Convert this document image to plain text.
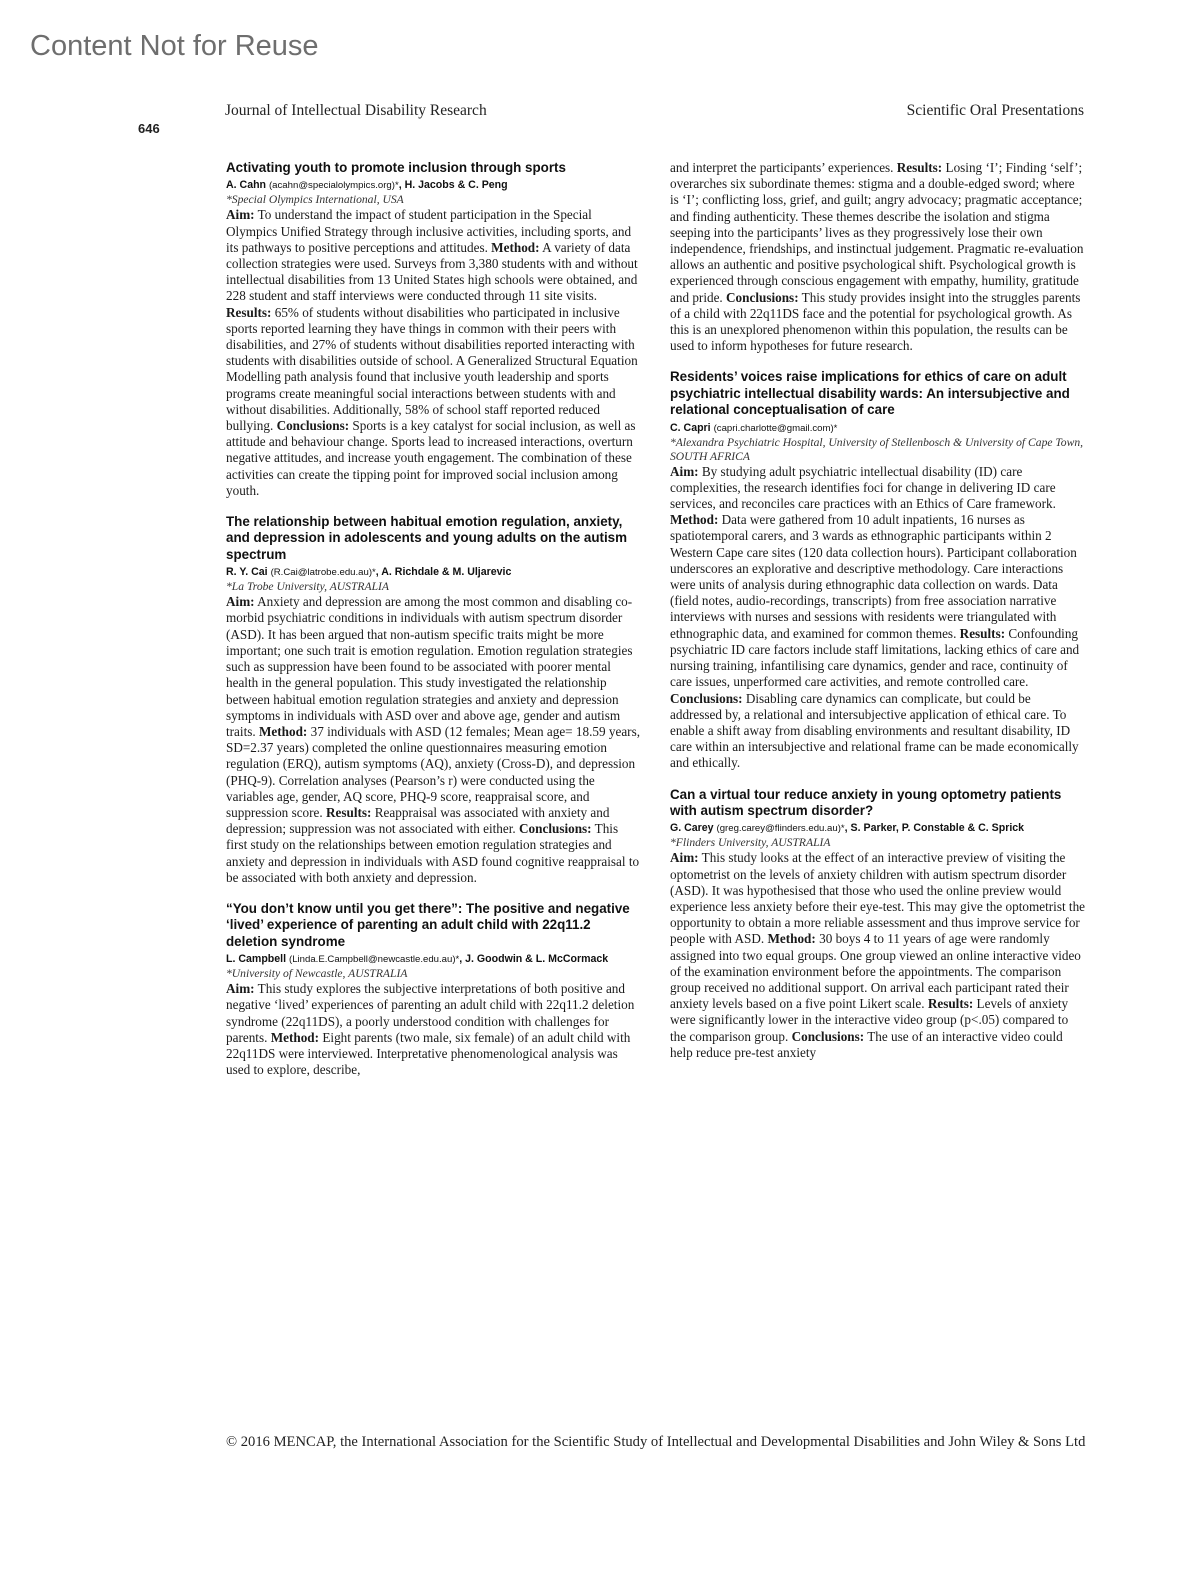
Content Not for Reuse
Journal of Intellectual Disability Research	Scientific Oral Presentations
646
Activating youth to promote inclusion through sports
A. Cahn (acahn@specialolympics.org)*, H. Jacobs & C. Peng
*Special Olympics International, USA

Aim: To understand the impact of student participation in the Special Olympics Unified Strategy through inclusive activities, including sports, and its pathways to positive perceptions and attitudes. Method: A variety of data collection strategies were used. Surveys from 3,380 students with and without intellectual disabilities from 13 United States high schools were obtained, and 228 student and staff interviews were conducted through 11 site visits. Results: 65% of students without disabilities who participated in inclusive sports reported learning they have things in common with their peers with disabilities, and 27% of students without disabilities reported interacting with students with disabilities outside of school. A Generalized Structural Equation Modelling path analysis found that inclusive youth leadership and sports programs create meaningful social interactions between students with and without disabilities. Additionally, 58% of school staff reported reduced bullying. Conclusions: Sports is a key catalyst for social inclusion, as well as attitude and behaviour change. Sports lead to increased interactions, overturn negative attitudes, and increase youth engagement. The combination of these activities can create the tipping point for improved social inclusion among youth.

The relationship between habitual emotion regulation, anxiety, and depression in adolescents and young adults on the autism spectrum
R. Y. Cai (R.Cai@latrobe.edu.au)*, A. Richdale & M. Uljarevic
*La Trobe University, AUSTRALIA

Aim: Anxiety and depression are among the most common and disabling co-morbid psychiatric conditions in individuals with autism spectrum disorder (ASD). It has been argued that non-autism specific traits might be more important; one such trait is emotion regulation. Emotion regulation strategies such as suppression have been found to be associated with poorer mental health in the general population. This study investigated the relationship between habitual emotion regulation strategies and anxiety and depression symptoms in individuals with ASD over and above age, gender and autism traits. Method: 37 individuals with ASD (12 females; Mean age= 18.59 years, SD=2.37 years) completed the online questionnaires measuring emotion regulation (ERQ), autism symptoms (AQ), anxiety (Cross-D), and depression (PHQ-9). Correlation analyses (Pearson’s r) were conducted using the variables age, gender, AQ score, PHQ-9 score, reappraisal score, and suppression score. Results: Reappraisal was associated with anxiety and depression; suppression was not associated with either. Conclusions: This first study on the relationships between emotion regulation strategies and anxiety and depression in individuals with ASD found cognitive reappraisal to be associated with both anxiety and depression.

“You don’t know until you get there”: The positive and negative ‘lived’ experience of parenting an adult child with 22q11.2 deletion syndrome
L. Campbell (Linda.E.Campbell@newcastle.edu.au)*, J. Goodwin & L. McCormack
*University of Newcastle, AUSTRALIA

Aim: This study explores the subjective interpretations of both positive and negative ‘lived’ experiences of parenting an adult child with 22q11.2 deletion syndrome (22q11DS), a poorly understood condition with challenges for parents. Method: Eight parents (two male, six female) of an adult child with 22q11DS were interviewed. Interpretative phenomenological analysis was used to explore, describe,

and interpret the participants’ experiences. Results: Losing ‘I’; Finding ‘self’; overarches six subordinate themes: stigma and a double-edged sword; where is ‘I’; conflicting loss, grief, and guilt; angry advocacy; pragmatic acceptance; and finding authenticity. These themes describe the isolation and stigma seeping into the participants’ lives as they progressively lose their own independence, friendships, and instinctual judgement. Pragmatic re-evaluation allows an authentic and positive psychological shift. Psychological growth is experienced through conscious engagement with empathy, humility, gratitude and pride. Conclusions: This study provides insight into the struggles parents of a child with 22q11DS face and the potential for psychological growth. As this is an unexplored phenomenon within this population, the results can be used to inform hypotheses for future research.

Residents’ voices raise implications for ethics of care on adult psychiatric intellectual disability wards: An intersubjective and relational conceptualisation of care
C. Capri (capri.charlotte@gmail.com)*
*Alexandra Psychiatric Hospital, University of Stellenbosch & University of Cape Town, SOUTH AFRICA

Aim: By studying adult psychiatric intellectual disability (ID) care complexities, the research identifies foci for change in delivering ID care services, and reconciles care practices with an Ethics of Care framework. Method: Data were gathered from 10 adult inpatients, 16 nurses as spatiotemporal carers, and 3 wards as ethnographic participants within 2 Western Cape care sites (120 data collection hours). Participant collaboration underscores an explorative and descriptive methodology. Care interactions were units of analysis during ethnographic data collection on wards. Data (field notes, audio-recordings, transcripts) from free association narrative interviews with nurses and sessions with residents were triangulated with ethnographic data, and examined for common themes. Results: Confounding psychiatric ID care factors include staff limitations, lacking ethics of care and nursing training, infantilising care dynamics, gender and race, continuity of care issues, unperformed care activities, and remote controlled care. Conclusions: Disabling care dynamics can complicate, but could be addressed by, a relational and intersubjective application of ethical care. To enable a shift away from disabling environments and resultant disability, ID care within an intersubjective and relational frame can be made economically and ethically.

Can a virtual tour reduce anxiety in young optometry patients with autism spectrum disorder?
G. Carey (greg.carey@flinders.edu.au)*, S. Parker, P. Constable & C. Sprick
*Flinders University, AUSTRALIA

Aim: This study looks at the effect of an interactive preview of visiting the optometrist on the levels of anxiety children with autism spectrum disorder (ASD). It was hypothesised that those who used the online preview would experience less anxiety before their eye-test. This may give the optometrist the opportunity to obtain a more reliable assessment and thus improve service for people with ASD. Method: 30 boys 4 to 11 years of age were randomly assigned into two equal groups. One group viewed an online interactive video of the examination environment before the appointments. The comparison group received no additional support. On arrival each participant rated their anxiety levels based on a five point Likert scale. Results: Levels of anxiety were significantly lower in the interactive video group (p<.05) compared to the comparison group. Conclusions: The use of an interactive video could help reduce pre-test anxiety

© 2016 MENCAP, the International Association for the Scientific Study of Intellectual and Developmental Disabilities and John Wiley & Sons Ltd
